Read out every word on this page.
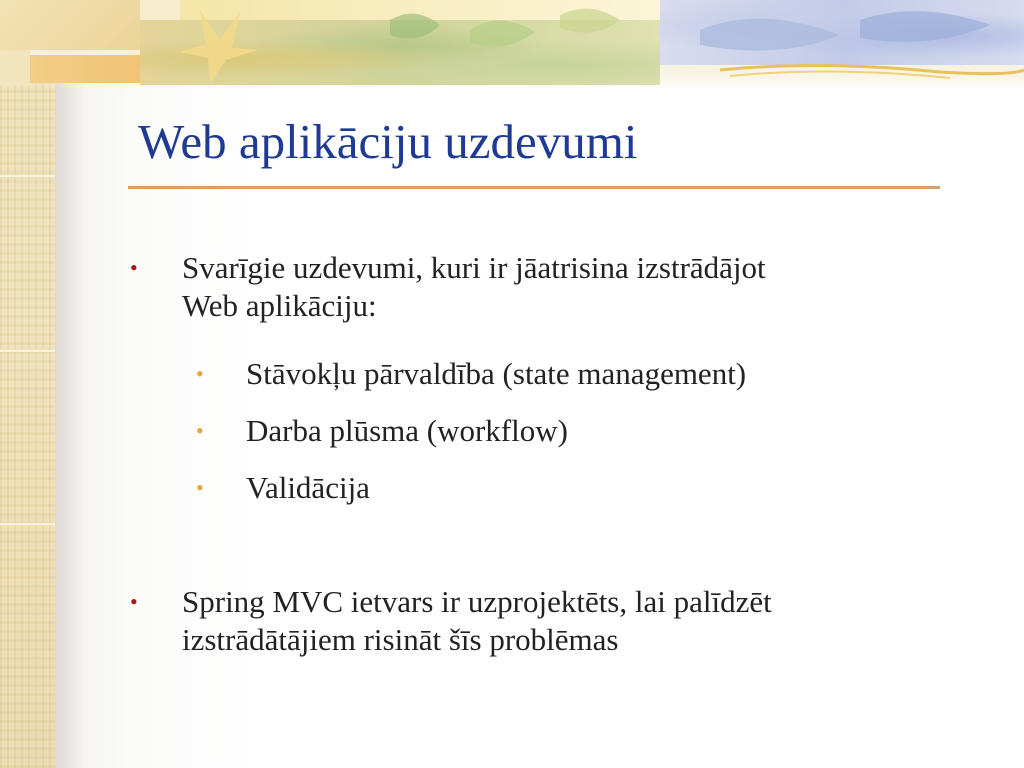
Web aplikāciju uzdevumi
•	Svarīgie uzdevumi, kuri ir jāatrisina izstrādājot
Web aplikāciju:
•	Stāvokļu pārvaldība (state management)
•	Darba plūsma (workflow)
•	Validācija
•	Spring MVC ietvars ir uzprojektēts, lai palīdzēt
izstrādātājiem risināt šīs problēmas
